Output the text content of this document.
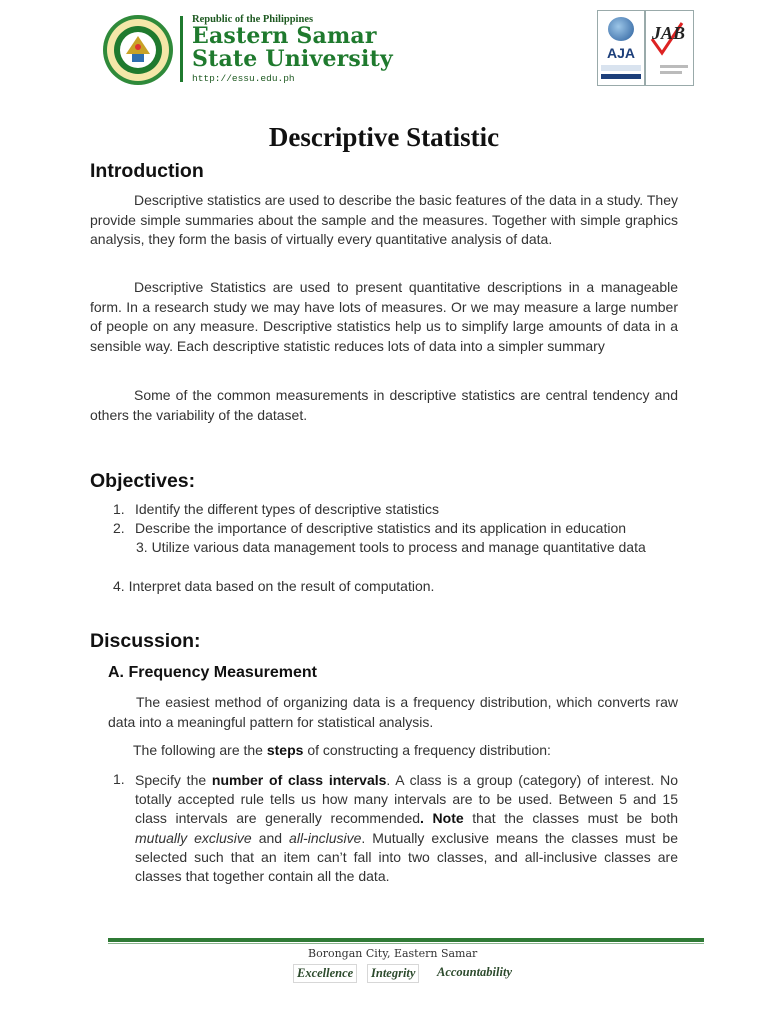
Republic of the Philippines
Eastern Samar
State University
http://essu.edu.ph
AJA
JAB
Descriptive Statistic
Introduction

Descriptive statistics are used to describe the basic features of the data in a study. They provide simple summaries about the sample and the measures. Together with simple graphics analysis, they form the basis of virtually every quantitative analysis of data.

Descriptive Statistics are used to present quantitative descriptions in a manageable form. In a research study we may have lots of measures. Or we may measure a large number of people on any measure. Descriptive statistics help us to simplify large amounts of data in a sensible way. Each descriptive statistic reduces lots of data into a simpler summary

Some of the common measurements in descriptive statistics are central tendency and others the variability of the dataset.

Objectives:
1. Identify the different types of descriptive statistics
2. Describe the importance of descriptive statistics and its application in education
3. Utilize various data management tools to process and manage quantitative data
4. Interpret data based on the result of computation.
Discussion:
A. Frequency Measurement

The easiest method of organizing data is a frequency distribution, which converts raw data into a meaningful pattern for statistical analysis.

The following are the steps of constructing a frequency distribution:

1. Specify the number of class intervals. A class is a group (category) of interest. No totally accepted rule tells us how many intervals are to be used. Between 5 and 15 class intervals are generally recommended. Note that the classes must be both mutually exclusive and all-inclusive. Mutually exclusive means the classes must be selected such that an item can’t fall into two classes, and all-inclusive classes are classes that together contain all the data.

Borongan City, Eastern Samar
Excellence	Integrity	Accountability
